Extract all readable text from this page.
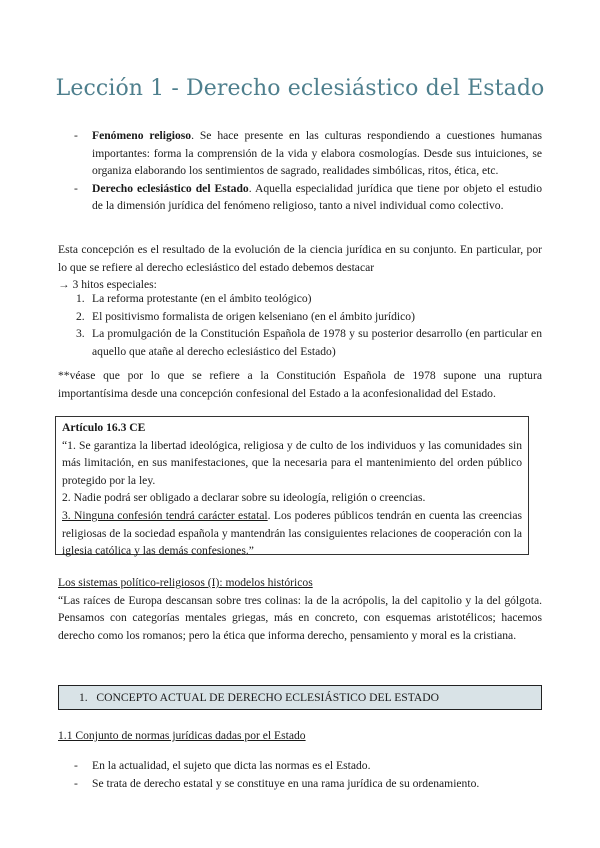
Lección 1 - Derecho eclesiástico del Estado
- Fenómeno religioso. Se hace presente en las culturas respondiendo a cuestiones humanas importantes: forma la comprensión de la vida y elabora cosmologías. Desde sus intuiciones, se organiza elaborando los sentimientos de sagrado, realidades simbólicas, ritos, ética, etc.
- Derecho eclesiástico del Estado. Aquella especialidad jurídica que tiene por objeto el estudio de la dimensión jurídica del fenómeno religioso, tanto a nivel individual como colectivo.
Esta concepción es el resultado de la evolución de la ciencia jurídica en su conjunto. En particular, por lo que se refiere al derecho eclesiástico del estado debemos destacar
→ 3 hitos especiales:
1. La reforma protestante (en el ámbito teológico)
2. El positivismo formalista de origen kelseniano (en el ámbito jurídico)
3. La promulgación de la Constitución Española de 1978 y su posterior desarrollo (en particular en aquello que atañe al derecho eclesiástico del Estado)
**véase que por lo que se refiere a la Constitución Española de 1978 supone una ruptura importantísima desde una concepción confesional del Estado a la aconfesionalidad del Estado.
Artículo 16.3 CE
“1. Se garantiza la libertad ideológica, religiosa y de culto de los individuos y las comunidades sin más limitación, en sus manifestaciones, que la necesaria para el mantenimiento del orden público protegido por la ley.
2. Nadie podrá ser obligado a declarar sobre su ideología, religión o creencias.
3. Ninguna confesión tendrá carácter estatal. Los poderes públicos tendrán en cuenta las creencias religiosas de la sociedad española y mantendrán las consiguientes relaciones de cooperación con la iglesia católica y las demás confesiones.”
Los sistemas político-religiosos (I): modelos históricos
“Las raíces de Europa descansan sobre tres colinas: la de la acrópolis, la del capitolio y la del gólgota. Pensamos con categorías mentales griegas, más en concreto, con esquemas aristotélicos; hacemos derecho como los romanos; pero la ética que informa derecho, pensamiento y moral es la cristiana.
1. CONCEPTO ACTUAL DE DERECHO ECLESIÁSTICO DEL ESTADO
1.1 Conjunto de normas jurídicas dadas por el Estado
- En la actualidad, el sujeto que dicta las normas es el Estado.
- Se trata de derecho estatal y se constituye en una rama jurídica de su ordenamiento.
